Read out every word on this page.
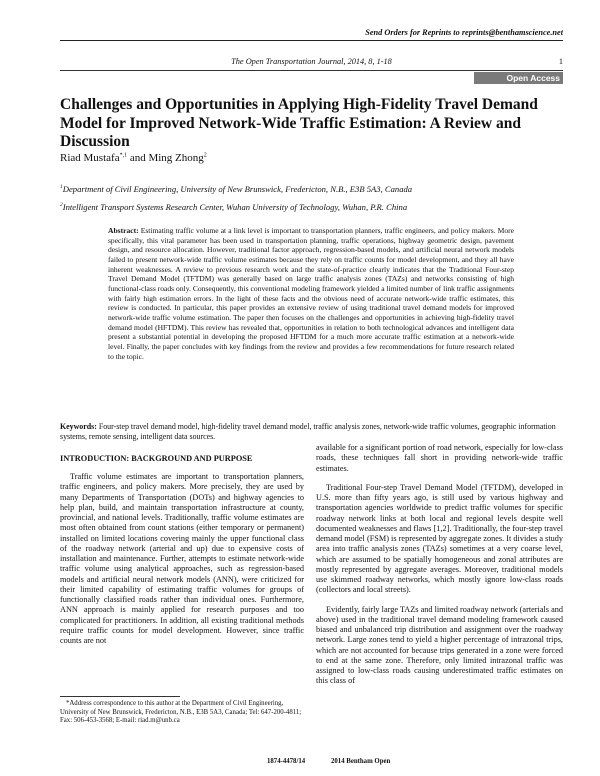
Send Orders for Reprints to reprints@benthamscience.net
The Open Transportation Journal, 2014, 8, 1-18	1
Open Access
Challenges and Opportunities in Applying High-Fidelity Travel Demand Model for Improved Network-Wide Traffic Estimation: A Review and Discussion
Riad Mustafa$^{*,1}$ and Ming Zhong$^2$
$^1$Department of Civil Engineering, University of New Brunswick, Fredericton, N.B., E3B 5A3, Canada
$^2$Intelligent Transport Systems Research Center, Wuhan University of Technology, Wuhan, P.R. China
Abstract: Estimating traffic volume at a link level is important to transportation planners, traffic engineers, and policy makers. More specifically, this vital parameter has been used in transportation planning, traffic operations, highway geometric design, pavement design, and resource allocation. However, traditional factor approach, regression-based models, and artificial neural network models failed to present network-wide traffic volume estimates because they rely on traffic counts for model development, and they all have inherent weaknesses. A review to previous research work and the state-of-practice clearly indicates that the Traditional Four-step Travel Demand Model (TFTDM) was generally based on large traffic analysis zones (TAZs) and networks consisting of high functional-class roads only. Consequently, this conventional modeling framework yielded a limited number of link traffic assignments with fairly high estimation errors. In the light of these facts and the obvious need of accurate network-wide traffic estimates, this review is conducted. In particular, this paper provides an extensive review of using traditional travel demand models for improved network-wide traffic volume estimation. The paper then focuses on the challenges and opportunities in achieving high-fidelity travel demand model (HFTDM). This review has revealed that, opportunities in relation to both technological advances and intelligent data present a substantial potential in developing the proposed HFTDM for a much more accurate traffic estimation at a network-wide level. Finally, the paper concludes with key findings from the review and provides a few recommendations for future research related to the topic.
Keywords: Four-step travel demand model, high-fidelity travel demand model, traffic analysis zones, network-wide traffic volumes, geographic information systems, remote sensing, intelligent data sources.
INTRODUCTION: BACKGROUND AND PURPOSE

Traffic volume estimates are important to transportation planners, traffic engineers, and policy makers. More precisely, they are used by many Departments of Transportation (DOTs) and highway agencies to help plan, build, and maintain transportation infrastructure at county, provincial, and national levels. Traditionally, traffic volume estimates are most often obtained from count stations (either temporary or permanent) installed on limited locations covering mainly the upper functional class of the roadway network (arterial and up) due to expensive costs of installation and maintenance. Further, attempts to estimate network-wide traffic volume using analytical approaches, such as regression-based models and artificial neural network models (ANN), were criticized for their limited capability of estimating traffic volumes for groups of functionally classified roads rather than individual ones. Furthermore, ANN approach is mainly applied for research purposes and too complicated for practitioners. In addition, all existing traditional methods require traffic counts for model development. However, since traffic counts are not

available for a significant portion of road network, especially for low-class roads, these techniques fall short in providing network-wide traffic estimates.

Traditional Four-step Travel Demand Model (TFTDM), developed in U.S. more than fifty years ago, is still used by various highway and transportation agencies worldwide to predict traffic volumes for specific roadway network links at both local and regional levels despite well documented weaknesses and flaws [1,2]. Traditionally, the four-step travel demand model (FSM) is represented by aggregate zones. It divides a study area into traffic analysis zones (TAZs) sometimes at a very coarse level, which are assumed to be spatially homogeneous and zonal attributes are mostly represented by aggregate averages. Moreover, traditional models use skimmed roadway networks, which mostly ignore low-class roads (collectors and local streets).

Evidently, fairly large TAZs and limited roadway network (arterials and above) used in the traditional travel demand modeling framework caused biased and unbalanced trip distribution and assignment over the roadway network. Large zones tend to yield a higher percentage of intrazonal trips, which are not accounted for because trips generated in a zone were forced to end at the same zone. Therefore, only limited intrazonal traffic was assigned to low-class roads causing underestimated traffic estimates on this class of

*Address correspondence to this author at the Department of Civil Engineering, University of New Brunswick, Fredericton, N.B., E3B 5A3, Canada; Tel: 647-200-4811; Fax: 506-453-3568; E-mail: riad.m@unb.ca

1874-4478/14	2014 Bentham Open
